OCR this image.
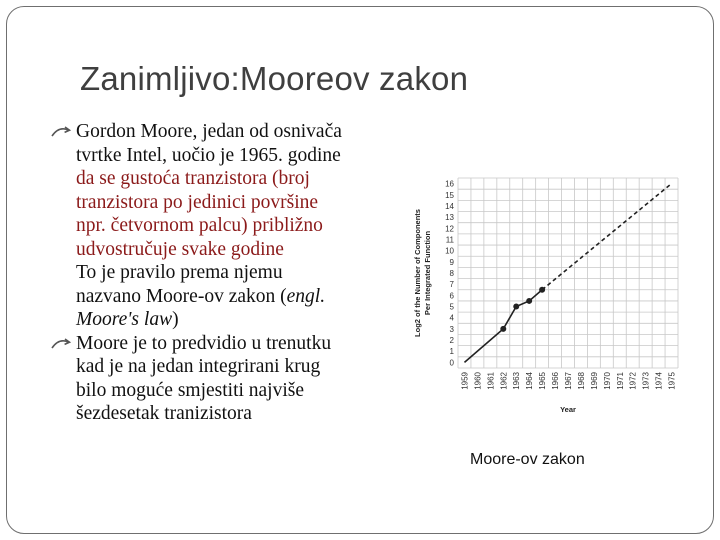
Zanimljivo:Mooreov zakon
Gordon Moore, jedan od osnivača
tvrtke Intel, uočio je 1965. godine
da se gustoća tranzistora (broj
tranzistora po jedinici površine
npr. četvornom palcu) približno
udvostručuje svake godine
To je pravilo prema njemu
nazvano Moore-ov zakon (engl.
Moore's law)
Moore je to predvidio u trenutku
kad je na jedan integrirani krug
bilo moguće smjestiti najviše
šezdesetak tranizistora
0
1
2
3
4
5
6
7
8
9
10
11
12
13
14
15
16
1959 1960 1961 1962 1963 1964 1965 1966 1967 1968 1969 1970 1971 1972 1973 1974 1975
Year
Log2 of the Number of Components Per Integrated Function
Moore-ov zakon
